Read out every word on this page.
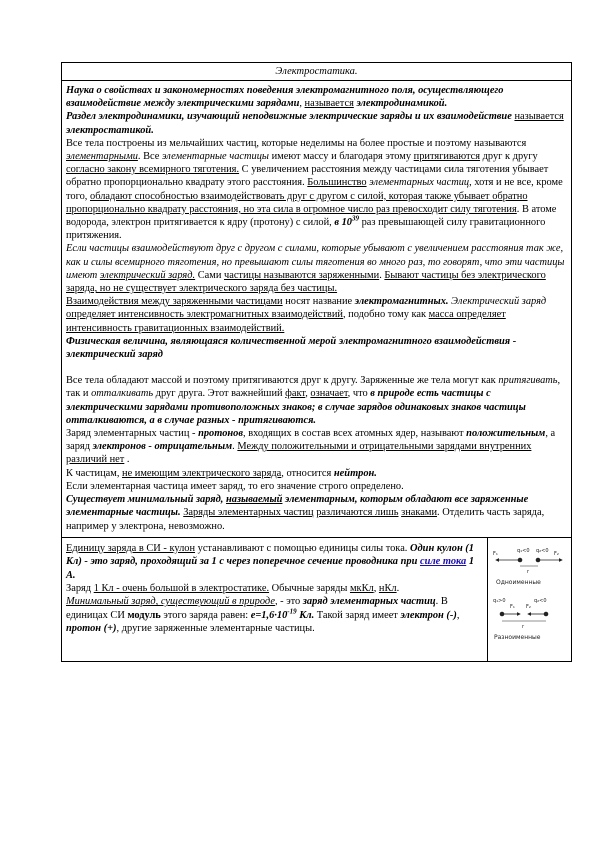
Электростатика.

Наука о свойствах и закономерностях поведения электромагнитного поля, осуществляющего взаимодействие между электрическими зарядами, называется электродинамикой.

Раздел электродинамики, изучающий неподвижные электрические заряды и их взаимодействие называется электростатикой.

Все тела построены из мельчайших частиц, которые неделимы на более простые и поэтому называются элементарными. Все элементарные частицы имеют массу и благодаря этому притягиваются друг к другу согласно закону всемирного тяготения. С увеличением расстояния между частицами сила тяготения убывает обратно пропорционально квадрату этого расстояния. Большинство элементарных частиц, хотя и не все, кроме того, обладают способностью взаимодействовать друг с другом с силой, которая также убывает обратно пропорционально квадрату расстояния, но эта сила в огромное число раз превосходит силу тяготения. В атоме водорода, электрон притягивается к ядру (протону) с силой, в $10^{39}$ раз превышающей силу гравитационного притяжения.

Если частицы взаимодействуют друг с другом с силами, которые убывают с увеличением расстояния так же, как и силы всемирного тяготения, но превышают силы тяготения во много раз, то говорят, что эти частицы имеют электрический заряд. Сами частицы называются заряженными. Бывают частицы без электрического заряда, но не существует электрического заряда без частицы.

Взаимодействия между заряженными частицами носят название электромагнитных. Электрический заряд определяет интенсивность электромагнитных взаимодействий, подобно тому как масса определяет интенсивность гравитационных взаимодействий.

Физическая величина, являющаяся количественной мерой электромагнитного взаимодействия - электрический заряд

Все тела обладают массой и поэтому притягиваются друг к другу. Заряженные же тела могут как притягивать, так и отталкивать друг друга. Этот важнейший факт, означает, что в природе есть частицы с электрическими зарядами противоположных знаков; в случае зарядов одинаковых знаков частицы отталкиваются, а в случае разных - притягиваются.

Заряд элементарных частиц - протонов, входящих в состав всех атомных ядер, называют положительным, а заряд электронов - отрицательным. Между положительными и отрицательными зарядами внутренних различий нет .

К частицам, не имеющим электрического заряда, относится нейтрон.

Если элементарная частица имеет заряд, то его значение строго определено.

Существует минимальный заряд, называемый элементарным, которым обладают все заряженные элементарные частицы. Заряды элементарных частиц различаются лишь знаками. Отделить часть заряда, например у электрона, невозможно.

Единицу заряда в СИ - кулон устанавливают с помощью единицы силы тока. Один кулон (1 Кл) - это заряд, проходящий за 1 с через поперечное сечение проводника при силе тока 1 А.

Заряд 1 Кл - очень большой в электростатике. Обычные заряды мкКл, нКл.

Минимальный заряд, существующий в природе, - это заряд элементарных частиц. В единицах СИ модуль этого заряда равен: $e=1,6\cdot 10^{-19}$ Кл. Такой заряд имеет электрон (-), протон (+), другие заряженные элементарные частицы.

q₁<0 q₂<0
F₁	F₂
r
Одноименные
q₁>0	q₂<0
F₁ F₂
r
Разноименные
